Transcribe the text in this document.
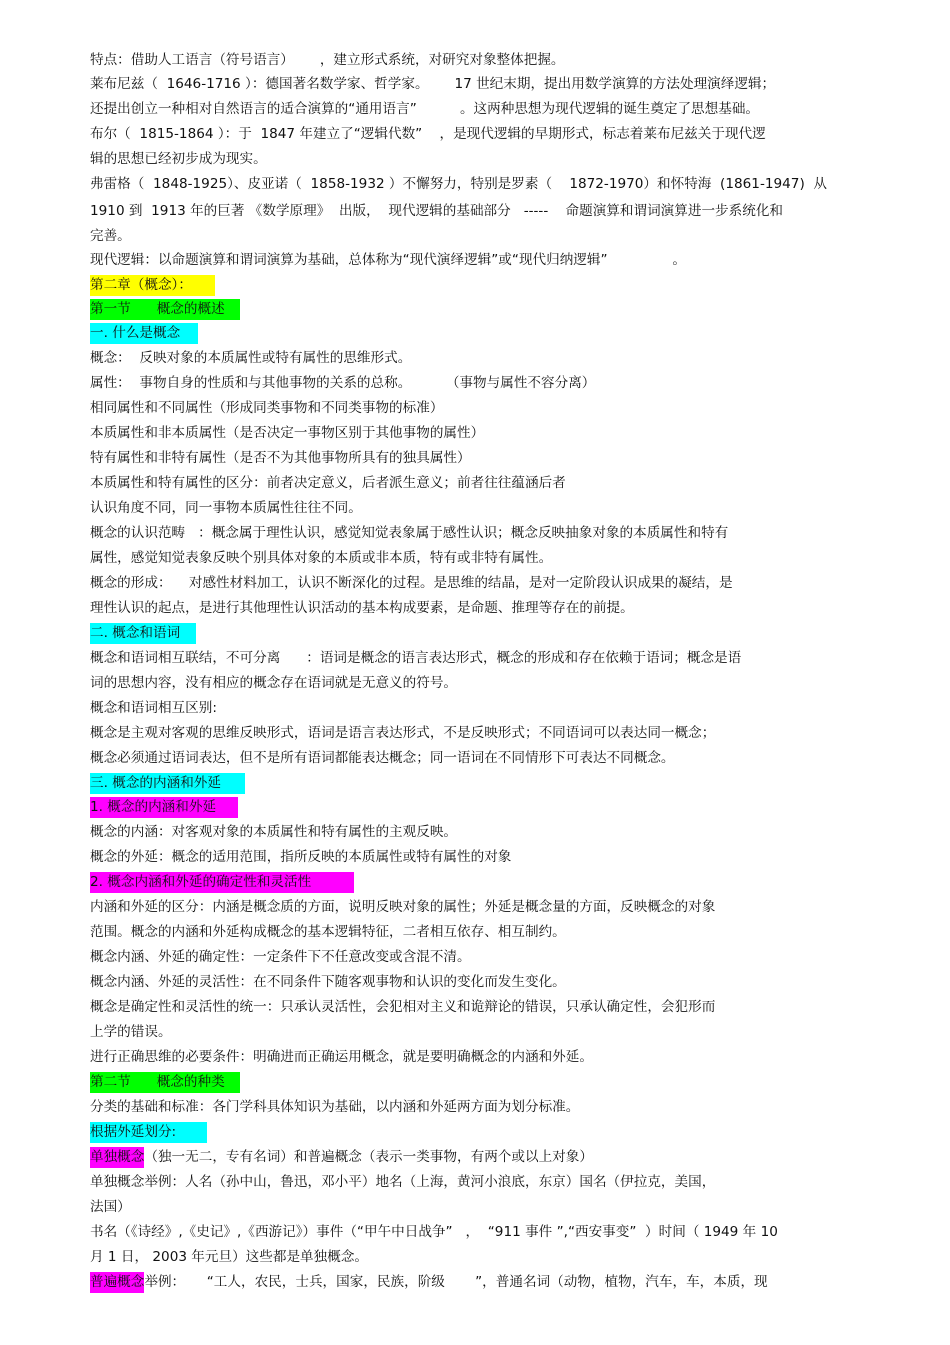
特点：借助人工语言（符号语言）      ，建立形式系统，对研究对象整体把握。
莱布尼兹（  1646-1716 ）：德国著名数学家、哲学家。      17 世纪末期，提出用数学演算的方法处理演绎逻辑；
还提出创立一种相对自然语言的适合演算的“通用语言”          。这两种思想为现代逻辑的诞生奠定了思想基础。
布尔（  1815-1864 ）：于  1847 年建立了“逻辑代数”    ，是现代逻辑的早期形式，标志着莱布尼兹关于现代逻
辑的思想已经初步成为现实。
弗雷格（  1848-1925）、皮亚诺（  1858-1932 ）不懈努力，特别是罗素（    1872-1970）和怀特海  (1861-1947)  从
1910 到  1913 年的巨著 《数学原理》  出版，  现代逻辑的基础部分   -----    命题演算和谓词演算进一步系统化和
完善。
现代逻辑：以命题演算和谓词演算为基础，总体称为“现代演绎逻辑”或“现代归纳逻辑”               。
第二章（概念）：
第一节      概念的概述
一. 什么是概念
概念：  反映对象的本质属性或特有属性的思维形式。
属性：  事物自身的性质和与其他事物的关系的总称。        （事物与属性不容分离）
相同属性和不同属性（形成同类事物和不同类事物的标准）
本质属性和非本质属性（是否决定一事物区别于其他事物的属性）
特有属性和非特有属性（是否不为其他事物所具有的独具属性）
本质属性和特有属性的区分：前者决定意义，后者派生意义；前者往往蕴涵后者
认识角度不同，同一事物本质属性往往不同。
概念的认识范畴   ：概念属于理性认识，感觉知觉表象属于感性认识；概念反映抽象对象的本质属性和特有
属性，感觉知觉表象反映个别具体对象的本质或非本质，特有或非特有属性。
概念的形成：    对感性材料加工，认识不断深化的过程。是思维的结晶，是对一定阶段认识成果的凝结，是
理性认识的起点，是进行其他理性认识活动的基本构成要素，是命题、推理等存在的前提。
二. 概念和语词
概念和语词相互联结，不可分离      ：语词是概念的语言表达形式，概念的形成和存在依赖于语词；概念是语
词的思想内容，没有相应的概念存在语词就是无意义的符号。
概念和语词相互区别:
概念是主观对客观的思维反映形式，语词是语言表达形式，不是反映形式；不同语词可以表达同一概念；
概念必须通过语词表达，但不是所有语词都能表达概念；同一语词在不同情形下可表达不同概念。
三. 概念的内涵和外延
1. 概念的内涵和外延
概念的内涵：对客观对象的本质属性和特有属性的主观反映。
概念的外延：概念的适用范围，指所反映的本质属性或特有属性的对象
2. 概念内涵和外延的确定性和灵活性
内涵和外延的区分：内涵是概念质的方面，说明反映对象的属性；外延是概念量的方面，反映概念的对象
范围。概念的内涵和外延构成概念的基本逻辑特征，二者相互依存、相互制约。
概念内涵、外延的确定性：一定条件下不任意改变或含混不清。
概念内涵、外延的灵活性：在不同条件下随客观事物和认识的变化而发生变化。
概念是确定性和灵活性的统一：只承认灵活性，会犯相对主义和诡辩论的错误，只承认确定性，会犯形而
上学的错误。
进行正确思维的必要条件：明确进而正确运用概念，就是要明确概念的内涵和外延。
第二节      概念的种类
分类的基础和标准：各门学科具体知识为基础，以内涵和外延两方面为划分标准。
根据外延划分:
单独概念（独一无二，专有名词）和普遍概念（表示一类事物，有两个或以上对象）
单独概念举例：人名（孙中山，鲁迅，邓小平）地名（上海，黄河小浪底，东京）国名（伊拉克，美国，
法国）
书名（《诗经》,《史记》,《西游记》）事件（“甲午中日战争”   ，  “911 事件 ”,“西安事变”  ）时间（ 1949 年 10
月 1 日， 2003 年元旦）这些都是单独概念。
普遍概念举例：     “工人，农民，士兵，国家，民族，阶级       ”，普通名词（动物，植物，汽车，车，本质，现
